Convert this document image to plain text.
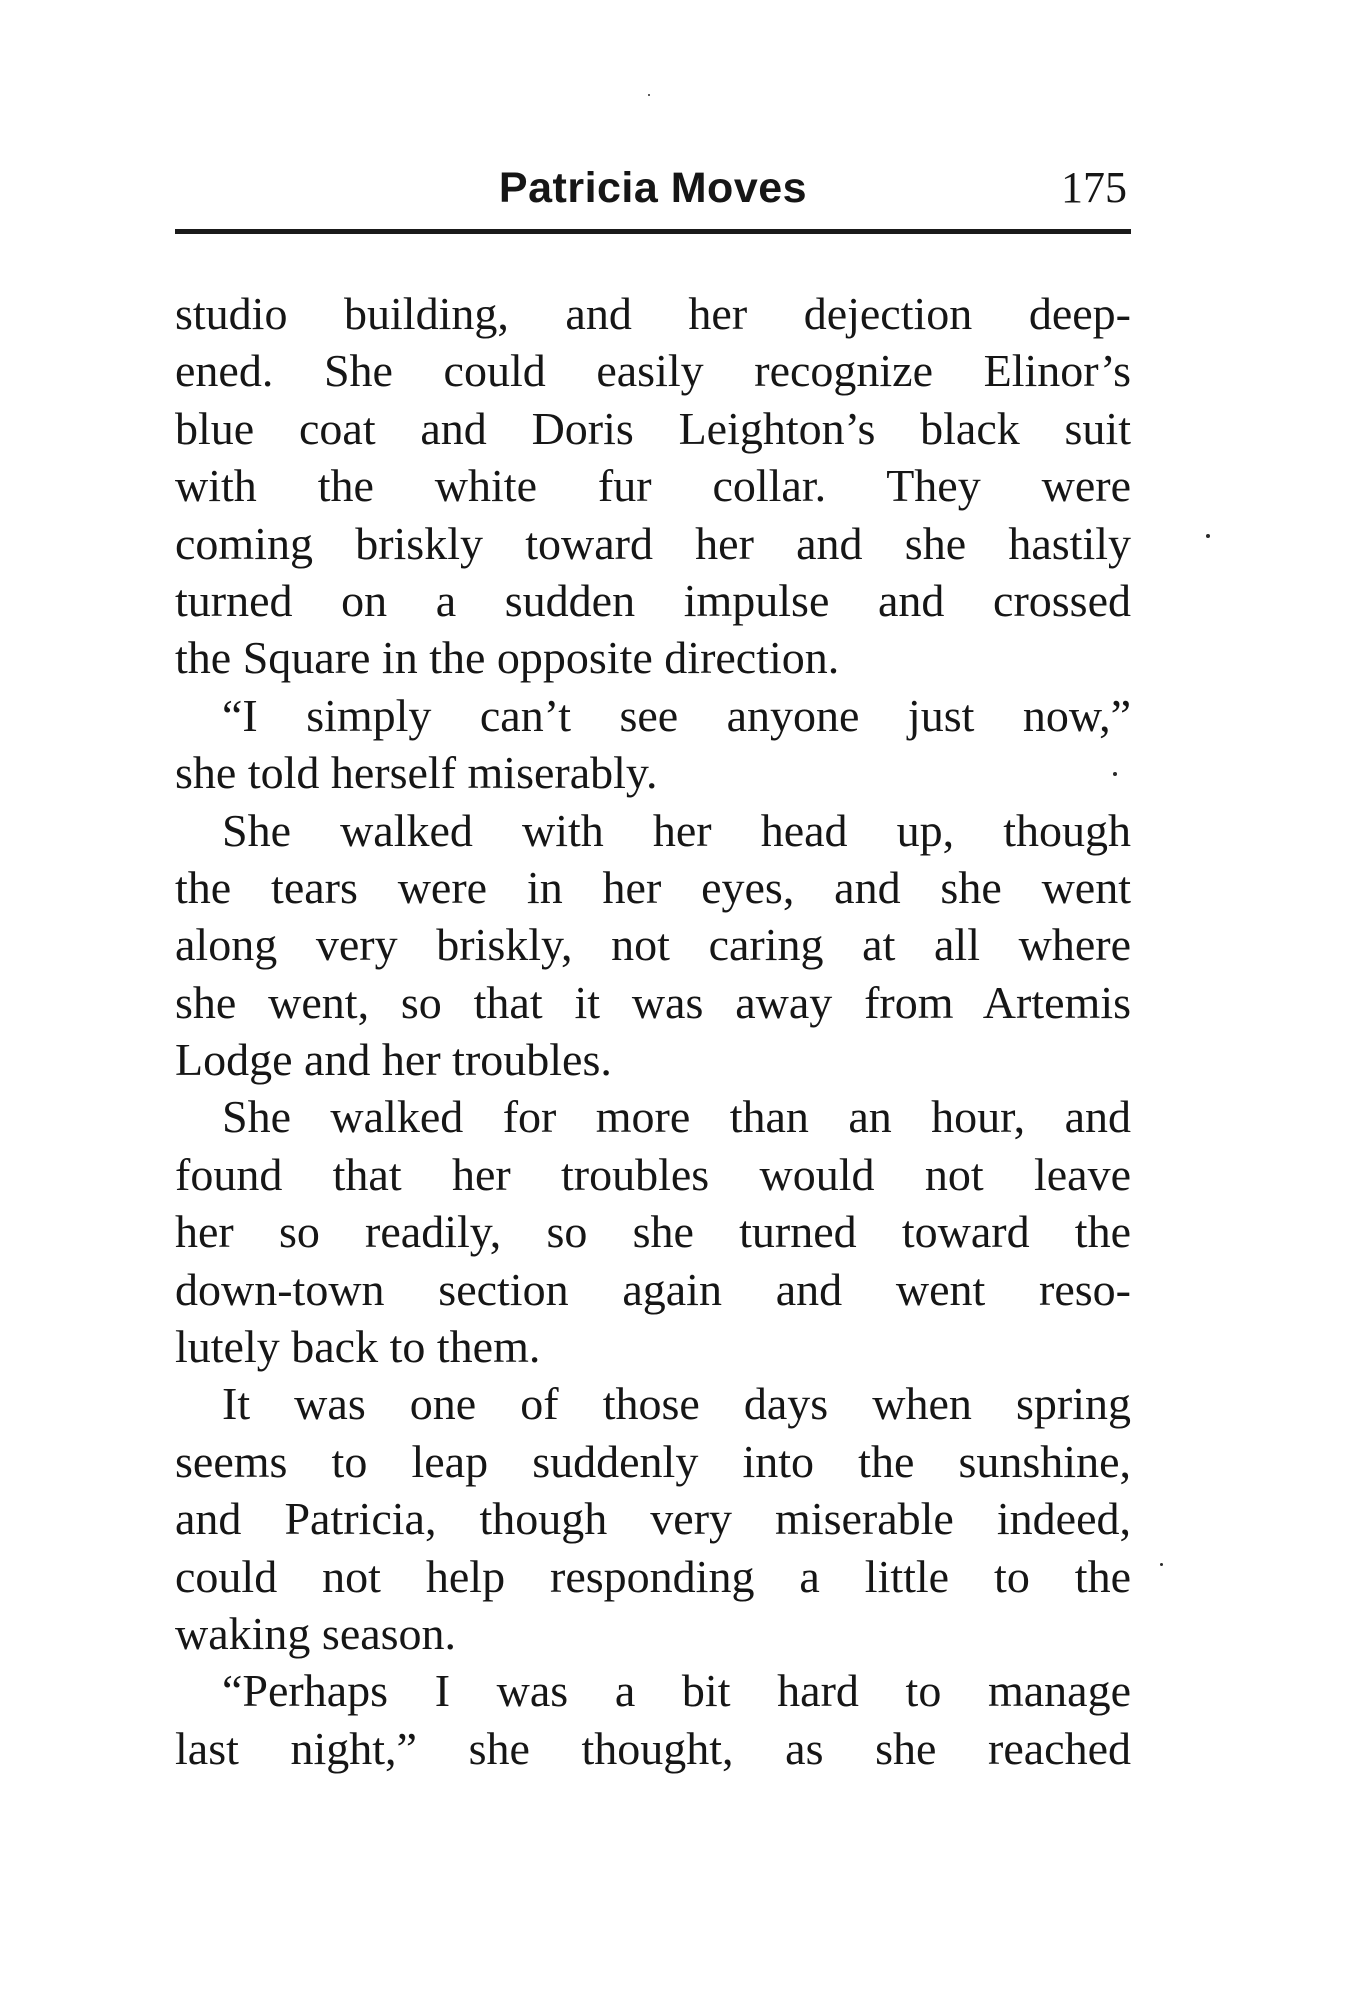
Patricia Moves	175
studio building, and her dejection deep-
ened. She could easily recognize Elinor’s
blue coat and Doris Leighton’s black suit
with the white fur collar. They were
coming briskly toward her and she hastily
turned on a sudden impulse and crossed
the Square in the opposite direction.
“I simply can’t see anyone just now,”
she told herself miserably.
She walked with her head up, though
the tears were in her eyes, and she went
along very briskly, not caring at all where
she went, so that it was away from Artemis
Lodge and her troubles.
She walked for more than an hour, and
found that her troubles would not leave
her so readily, so she turned toward the
down-town section again and went reso-
lutely back to them.
It was one of those days when spring
seems to leap suddenly into the sunshine,
and Patricia, though very miserable indeed,
could not help responding a little to the
waking season.
“Perhaps I was a bit hard to manage
last night,” she thought, as she reached
